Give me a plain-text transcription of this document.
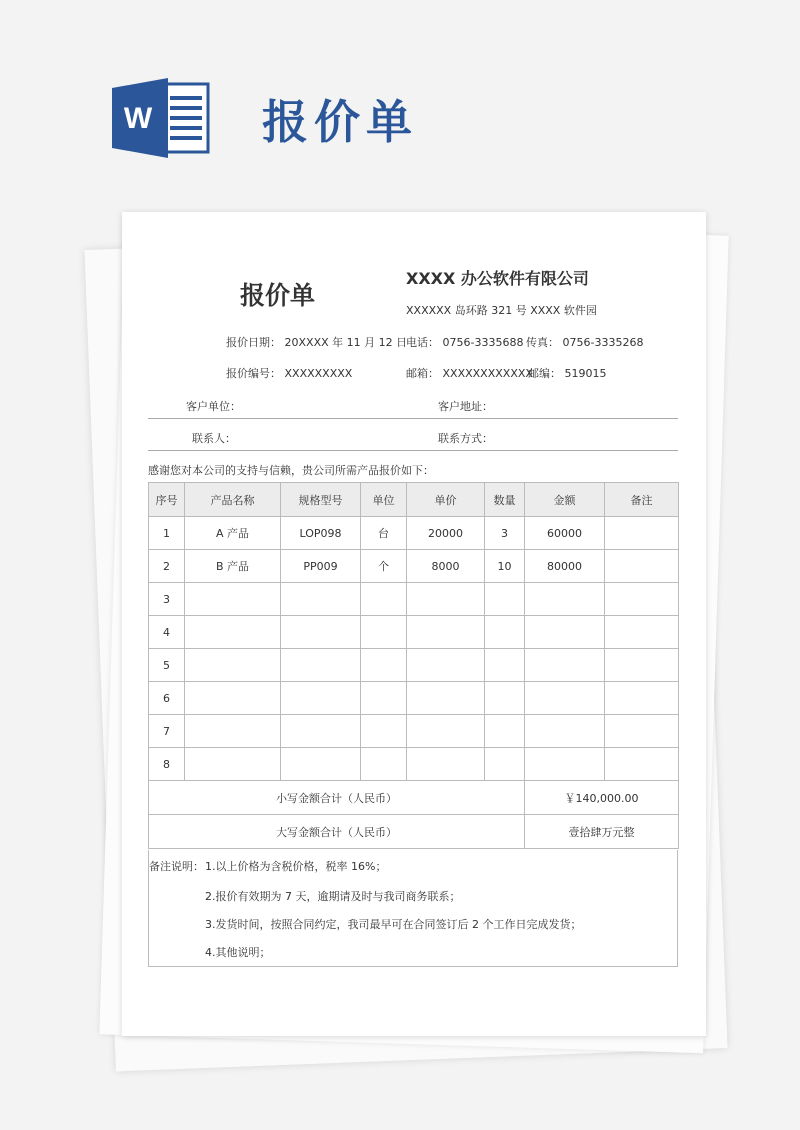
W 报价单
报价单
XXXX 办公软件有限公司
XXXXXX 岛环路 321 号 XXXX 软件园
报价日期： 20XXXX 年 11 月 12 日
电话： 0756-3335688 传真： 0756-3335268
报价编号： XXXXXXXXX	邮箱： XXXXXXXXXXXX
邮编： 519015
客户单位：	客户地址：
联系人：	联系方式：
感谢您对本公司的支持与信赖，贵公司所需产品报价如下：
序号	产品名称	规格型号	单位	单价	数量	金额	备注
1	A 产品	LOP098	台	20000	3	60000	
2	B 产品	PP009	个	8000	10	80000	
3							
4							
5							
6							
7							
8							
小写金额合计（人民币）						￥140,000.00	
大写金额合计（人民币）						壹拾肆万元整	
备注说明： 1.以上价格为含税价格，税率 16%；
2.报价有效期为 7 天，逾期请及时与我司商务联系；
3.发货时间，按照合同约定，我司最早可在合同签订后 2 个工作日完成发货；
4.其他说明；
